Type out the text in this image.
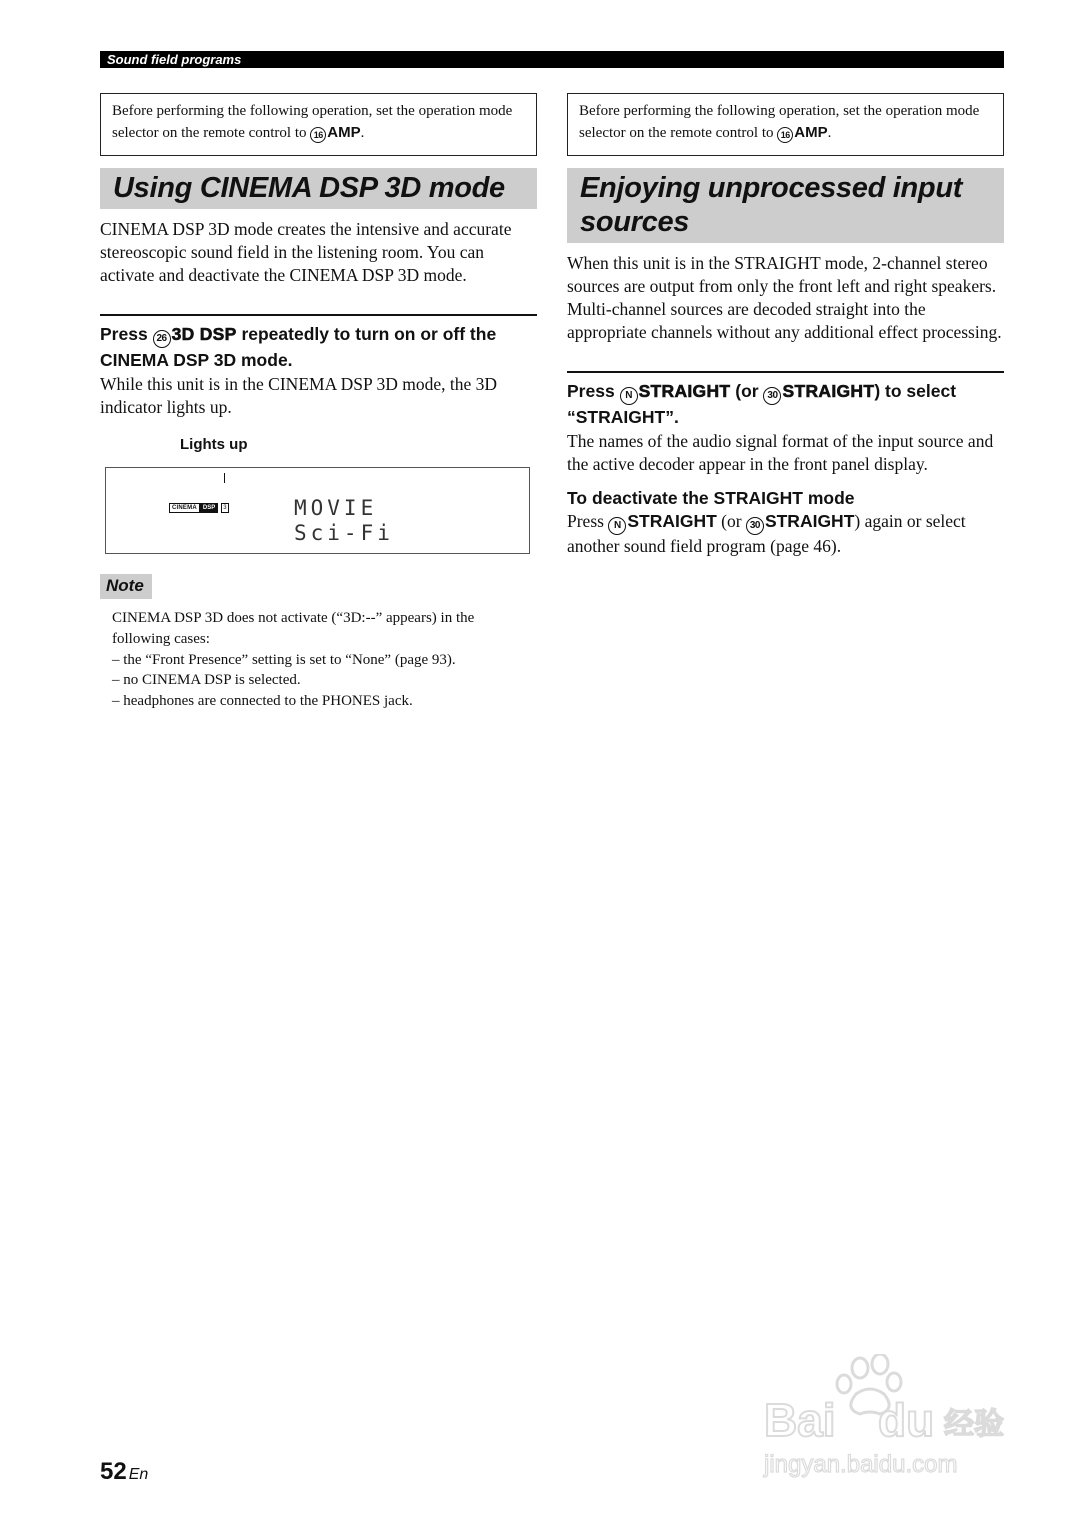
Sound field programs
Before performing the following operation, set the operation mode selector on the remote control to 16 AMP.
Using CINEMA DSP 3D mode
CINEMA DSP 3D mode creates the intensive and accurate stereoscopic sound field in the listening room. You can activate and deactivate the CINEMA DSP 3D mode.
Press 26 3D DSP repeatedly to turn on or off the CINEMA DSP 3D mode.
While this unit is in the CINEMA DSP 3D mode, the 3D indicator lights up.
Lights up
CINEMA	DSP	3	MOVIE
Sci-Fi
Note
CINEMA DSP 3D does not activate (“3D:--” appears) in the
following cases:
– the “Front Presence” setting is set to “None” (page 93).
– no CINEMA DSP is selected.
– headphones are connected to the PHONES jack.
Before performing the following operation, set the operation mode selector on the remote control to 16 AMP.
Enjoying unprocessed input
sources
When this unit is in the STRAIGHT mode, 2-channel stereo sources are output from only the front left and right speakers. Multi-channel sources are decoded straight into the appropriate channels without any additional effect processing.
Press N STRAIGHT (or 30 STRAIGHT) to select “STRAIGHT”.
The names of the audio signal format of the input source and the active decoder appear in the front panel display.
To deactivate the STRAIGHT mode
Press N STRAIGHT (or 30 STRAIGHT) again or select another sound field program (page 46).
52 En
Bai du 经验
jingyan.baidu.com
